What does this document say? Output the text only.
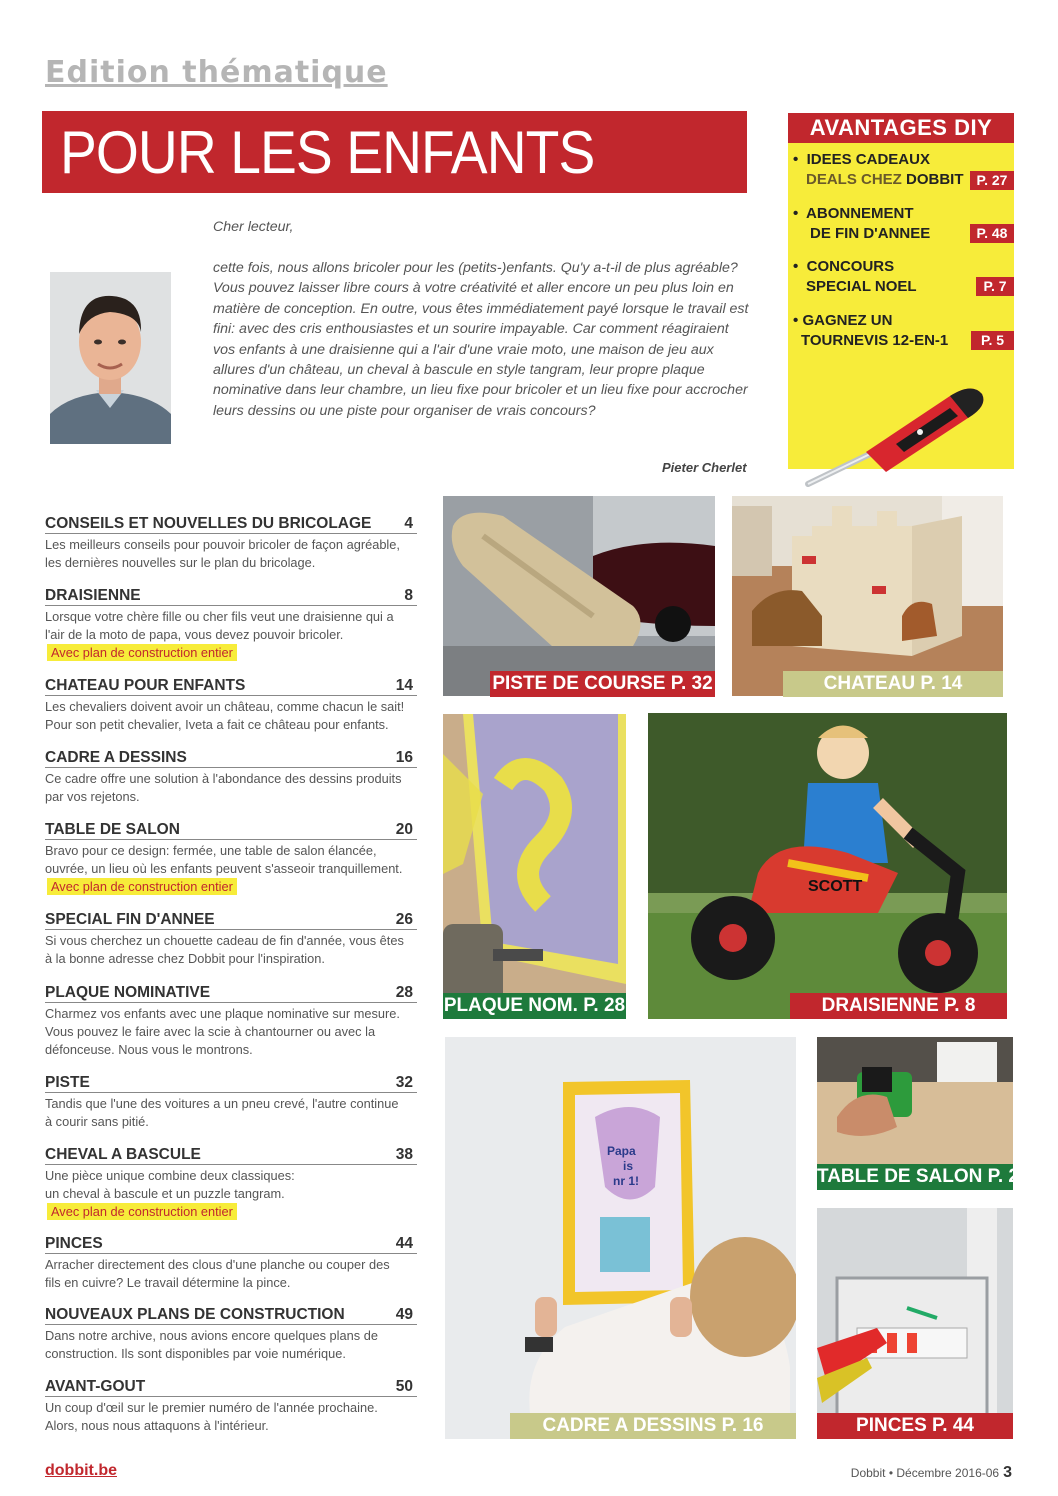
Edition thématique
POUR LES ENFANTS	AVANTAGES DIY
• IDEES CADEAUX
DEALS CHEZ DOBBIT P. 27
• ABONNEMENT
DE FIN D'ANNEE	P. 48
• CONCOURS
SPECIAL NOEL	P. 7
• GAGNEZ UN
TOURNEVIS 12-EN-1	P. 5
Cher lecteur,
cette fois, nous allons bricoler pour les (petits-)enfants. Qu'y a-t-il de plus agréable? Vous pouvez laisser libre cours à votre créativité et aller encore un peu plus loin en matière de conception. En outre, vous êtes immédiatement payé lorsque le travail est fini: avec des cris enthousiastes et un sourire impayable. Car comment réagiraient vos enfants à une draisienne qui a l'air d'une vraie moto, une maison de jeu aux allures d'un château, un cheval à bascule en style tangram, leur propre plaque nominative dans leur chambre, un lieu fixe pour bricoler et un lieu fixe pour accrocher leurs dessins ou une piste pour organiser de vrais concours?
Pieter Cherlet
CONSEILS ET NOUVELLES DU BRICOLAGE 4
Les meilleurs conseils pour pouvoir bricoler de façon agréable,
les dernières nouvelles sur le plan du bricolage.
DRAISIENNE	8
Lorsque votre chère fille ou cher fils veut une draisienne qui a
l'air de la moto de papa, vous devez pouvoir bricoler.
Avec plan de construction entier
CHATEAU POUR ENFANTS	14
Les chevaliers doivent avoir un château, comme chacun le sait!
Pour son petit chevalier, Iveta a fait ce château pour enfants.
CADRE A DESSINS	16
Ce cadre offre une solution à l'abondance des dessins produits
par vos rejetons.
TABLE DE SALON	20
Bravo pour ce design: fermée, une table de salon élancée,
ouvrée, un lieu où les enfants peuvent s'asseoir tranquillement.
Avec plan de construction entier
SPECIAL FIN D'ANNEE	26
Si vous cherchez un chouette cadeau de fin d'année, vous êtes
à la bonne adresse chez Dobbit pour l'inspiration.
PLAQUE NOMINATIVE	28
Charmez vos enfants avec une plaque nominative sur mesure.
Vous pouvez le faire avec la scie à chantourner ou avec la
défonceuse. Nous vous le montrons.
PISTE	32
Tandis que l'une des voitures a un pneu crevé, l'autre continue
à courir sans pitié.
CHEVAL A BASCULE	38
Une pièce unique combine deux classiques:
un cheval à bascule et un puzzle tangram.
Avec plan de construction entier
PINCES	44
Arracher directement des clous d'une planche ou couper des
fils en cuivre? Le travail détermine la pince.
NOUVEAUX PLANS DE CONSTRUCTION	49
Dans notre archive, nous avions encore quelques plans de
construction. Ils sont disponibles par voie numérique.
AVANT-GOUT	50
Un coup d'œil sur le premier numéro de l'année prochaine.
Alors, nous nous attaquons à l'intérieur.
PISTE DE COURSE P. 32	CHATEAU P. 14
PLAQUE NOM. P. 28
SCOTT
DRAISIENNE P. 8
TABLE DE SALON P. 20
Papa
is
nr 1!
CADRE A DESSINS P. 16	PINCES P. 44
dobbit.be	Dobbit • Décembre 2016-06 3
